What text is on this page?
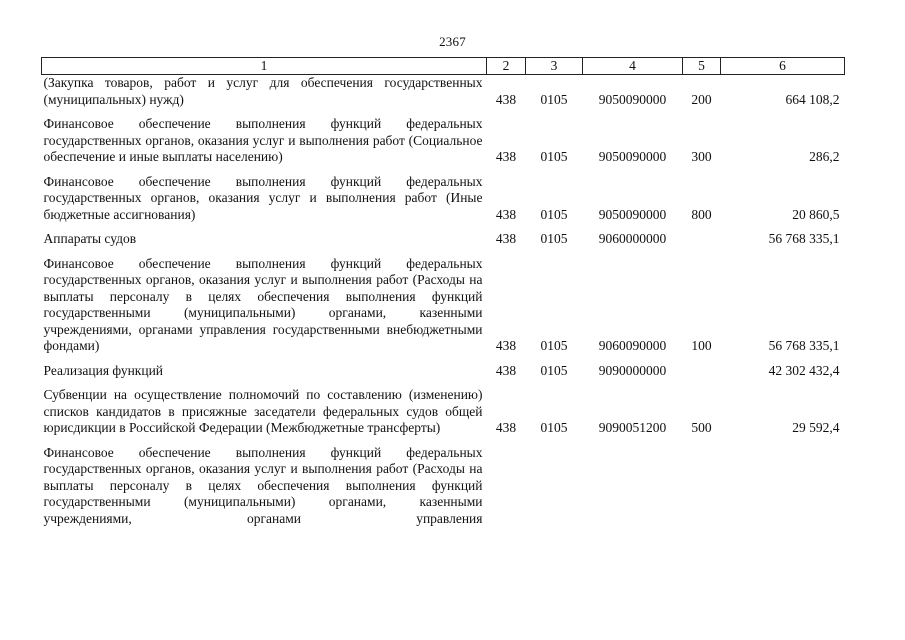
2367
1	2	3	4	5	6
(Закупка товаров, работ и услуг для обеспечения государственных (муниципальных) нужд)	438	0105	9050090000	200	664 108,2
Финансовое обеспечение выполнения функций федеральных государственных органов, оказания услуг и выполнения работ (Социальное обеспечение и иные выплаты населению)	438	0105	9050090000	300	286,2
Финансовое обеспечение выполнения функций федеральных государственных органов, оказания услуг и выполнения работ (Иные бюджетные ассигнования)	438	0105	9050090000	800	20 860,5
Аппараты судов	438	0105	9060000000		56 768 335,1
Финансовое обеспечение выполнения функций федеральных государственных органов, оказания услуг и выполнения работ (Расходы на выплаты персоналу в целях обеспечения выполнения функций государственными (муниципальными) органами, казенными учреждениями, органами управления государственными внебюджетными фондами)	438	0105	9060090000	100	56 768 335,1
Реализация функций	438	0105	9090000000		42 302 432,4
Субвенции на осуществление полномочий по составлению (изменению) списков кандидатов в присяжные заседатели федеральных судов общей юрисдикции в Российской Федерации (Межбюджетные трансферты)	438	0105	9090051200	500	29 592,4
Финансовое обеспечение выполнения функций федеральных государственных органов, оказания услуг и выполнения работ (Расходы на выплаты персоналу в целях обеспечения выполнения функций государственными (муниципальными) органами, казенными учреждениями, органами управления					
